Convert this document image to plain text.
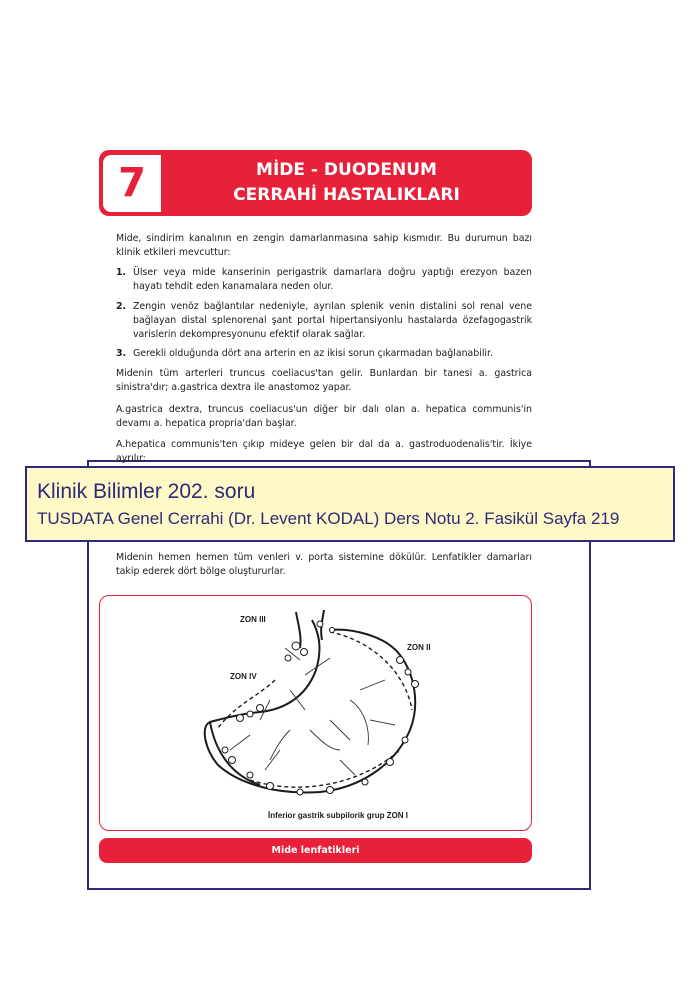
7	MİDE - DUODENUM
CERRAHİ HASTALIKLARI

Mide, sindirim kanalının en zengin damarlanmasına sahip kısmıdır. Bu durumun bazı klinik etkileri mevcuttur:

1. Ülser veya mide kanserinin perigastrik damarlara doğru yaptığı erezyon bazen hayatı tehdit eden kanamalara neden olur.
2. Zengin venöz bağlantılar nedeniyle, ayrılan splenik venin distalini sol renal vene bağlayan distal splenorenal şant portal hipertansiyonlu hastalarda özefagogastrik varislerin dekompresyonunu efektif olarak sağlar.
3. Gerekli olduğunda dört ana arterin en az ikisi sorun çıkarmadan bağlanabilir.

Midenin tüm arterleri truncus coeliacus'tan gelir. Bunlardan bir tanesi a. gastrica sinistra'dır; a.gastrica dextra ile anastomoz yapar.

A.gastrica dextra, truncus coeliacus'un diğer bir dalı olan a. hepatica communis'in devamı a. hepatica propria'dan başlar.

A.hepatica communis'ten çıkıp mideye gelen bir dal da a. gastroduodenalis'tir. İkiye ayrılır:

Klinik Bilimler 202. soru
TUSDATA Genel Cerrahi (Dr. Levent KODAL) Ders Notu 2. Fasikül Sayfa 219

Midenin hemen hemen tüm venleri v. porta sistemine dökülür. Lenfatikler damarları takip ederek dört bölge oluştururlar.

ZON III
ZON II
ZON IV
İnferior gastrik subpilorik grup ZON I
Mide lenfatikleri
